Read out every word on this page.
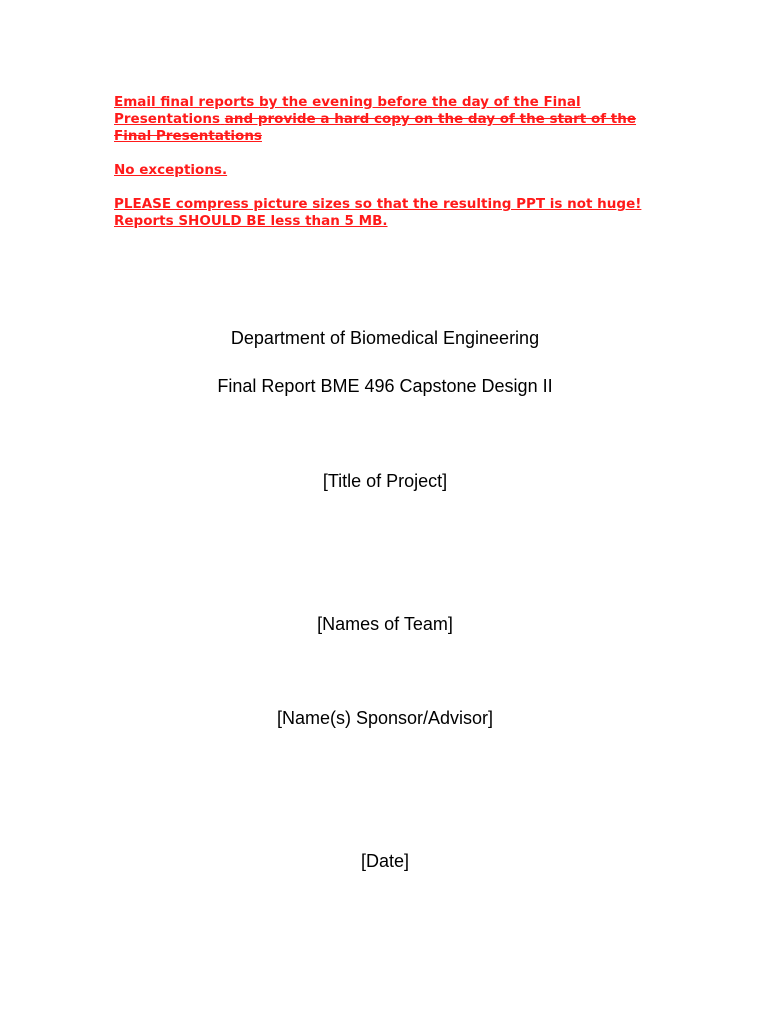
Email final reports by the evening before the day of the Final Presentations and provide a hard copy on the day of the start of the Final Presentations

No exceptions.

PLEASE compress picture sizes so that the resulting PPT is not huge!
Reports SHOULD BE less than 5 MB.

Department of Biomedical Engineering

Final Report BME 496 Capstone Design II

[Title of Project]

[Names of Team]

[Name(s) Sponsor/Advisor]

[Date]
